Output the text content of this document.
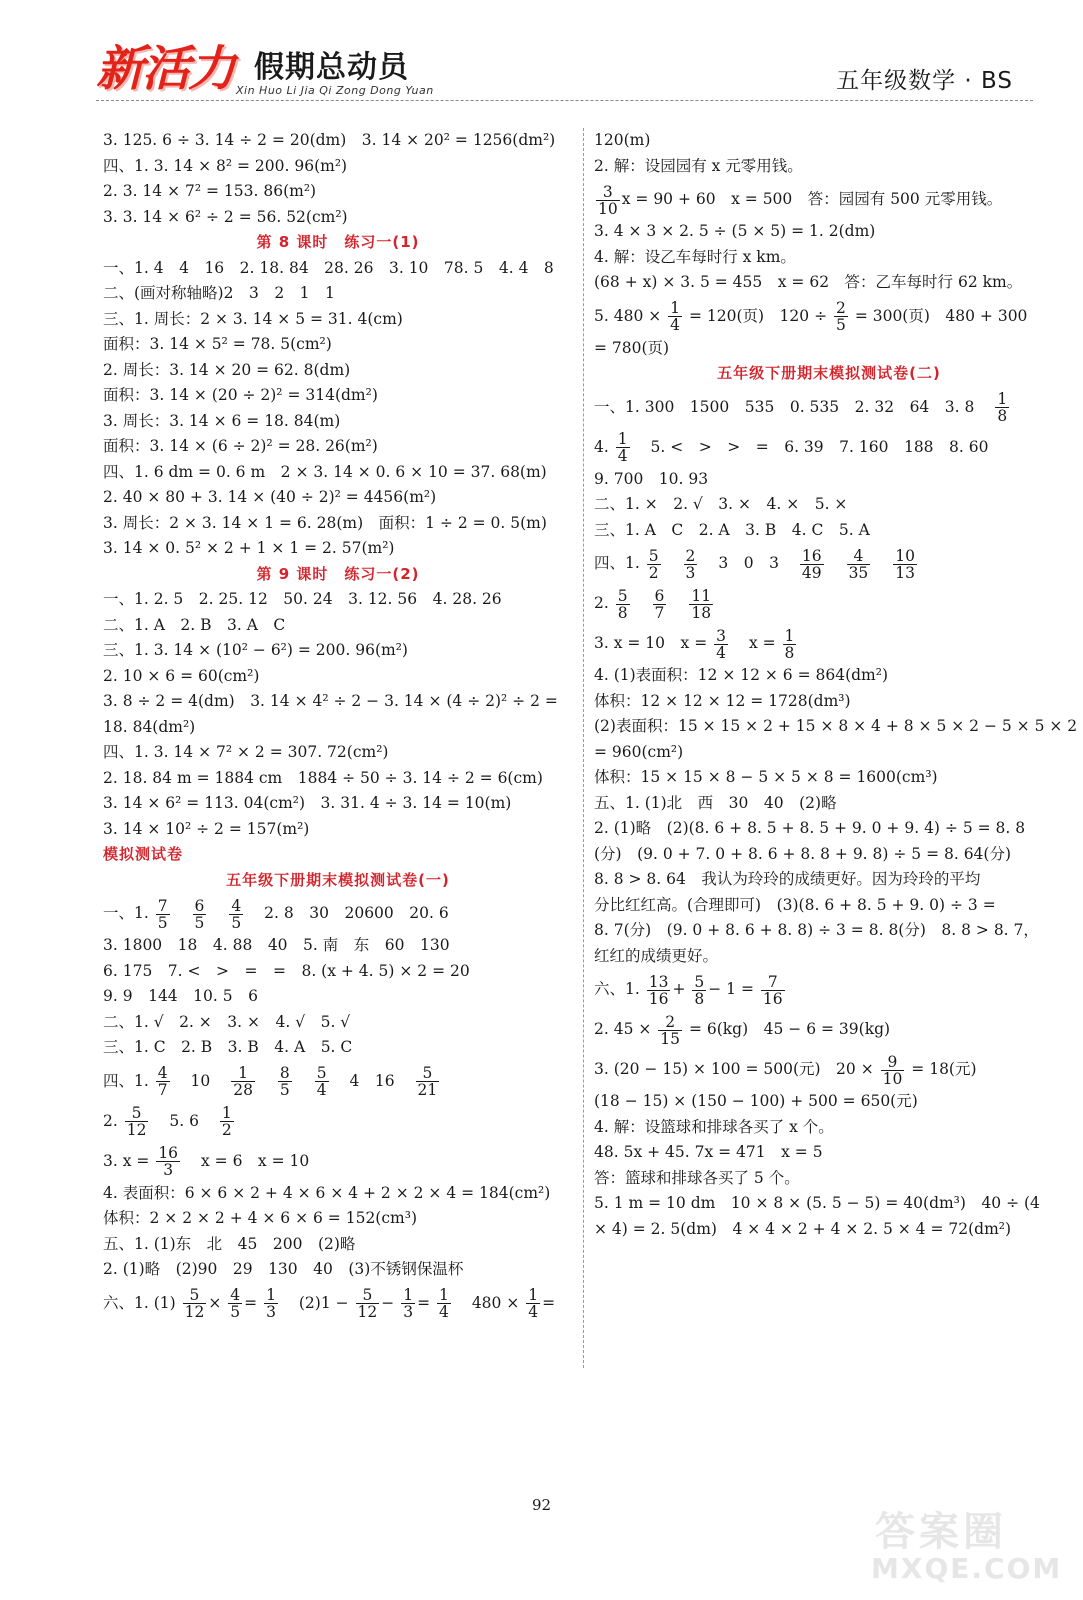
新活力 假期总动员
Xin Huo Li Jia Qi Zong Dong Yuan	五年级数学 · BS
3. 125. 6 ÷ 3. 14 ÷ 2 = 20(dm)　3. 14 × 20² = 1256(dm²)
四、1. 3. 14 × 8² = 200. 96(m²)
2. 3. 14 × 7² = 153. 86(m²)
3. 3. 14 × 6² ÷ 2 = 56. 52(cm²)
第 8 课时　练习一(1)
一、1. 4　4　16　2. 18. 84　28. 26　3. 10　78. 5　4. 4　8
二、(画对称轴略)2　3　2　1　1
三、1. 周长：2 × 3. 14 × 5 = 31. 4(cm)
面积：3. 14 × 5² = 78. 5(cm²)
2. 周长：3. 14 × 20 = 62. 8(dm)
面积：3. 14 × (20 ÷ 2)² = 314(dm²)
3. 周长：3. 14 × 6 = 18. 84(m)
面积：3. 14 × (6 ÷ 2)² = 28. 26(m²)
四、1. 6 dm = 0. 6 m　2 × 3. 14 × 0. 6 × 10 = 37. 68(m)
2. 40 × 80 + 3. 14 × (40 ÷ 2)² = 4456(m²)
3. 周长：2 × 3. 14 × 1 = 6. 28(m)　面积：1 ÷ 2 = 0. 5(m)
3. 14 × 0. 5² × 2 + 1 × 1 = 2. 57(m²)
第 9 课时　练习一(2)
一、1. 2. 5　2. 25. 12　50. 24　3. 12. 56　4. 28. 26
二、1. A　2. B　3. A　C
三、1. 3. 14 × (10² − 6²) = 200. 96(m²)
2. 10 × 6 = 60(cm²)
3. 8 ÷ 2 = 4(dm)　3. 14 × 4² ÷ 2 − 3. 14 × (4 ÷ 2)² ÷ 2 =
18. 84(dm²)
四、1. 3. 14 × 7² × 2 = 307. 72(cm²)
2. 18. 84 m = 1884 cm　1884 ÷ 50 ÷ 3. 14 ÷ 2 = 6(cm)
3. 14 × 6² = 113. 04(cm²)　3. 31. 4 ÷ 3. 14 = 10(m)
3. 14 × 10² ÷ 2 = 157(m²)
模拟测试卷
五年级下册期末模拟测试卷(一)
一、1. $\frac{7}{5}$
$\frac{6}{5}$
$\frac{4}{5} 2$. 8　30　20600　20. 6
3. 1800　18　4. 88　40　5. 南　东　60　130
6. 175　7. <　>　=　=　8. (x + 4. 5) × 2 = 20
9. 9　144　10. 5　6
二、1. √　2. ×　3. ×　4. √　5. √
三、1. C　2. B　3. B　4. A　5. C
四、1. $\frac{4}{7} 10 \frac{1}{28}$
$\frac{8}{5}$
$\frac{5}{4} 4$　$16 \frac{5}{21}$
2. $\frac{5}{12} 5$. $6 \frac{1}{2}$
3. $x = \frac{16}{3}$ x = 6　x = 10
4. 表面积：6 × 6 × 2 + 4 × 6 × 4 + 2 × 2 × 4 = 184(cm²)
体积：2 × 2 × 2 + 4 × 6 × 6 = 152(cm³)
五、1. (1)东　北　45　200　(2)略
2. (1)略　(2)90　29　130　40　(3)不锈钢保温杯
六、1. $(1) \frac{5}{12} \times \frac{4}{5} = \frac{1}{3} (2)1 - \frac{5}{12} - \frac{1}{3} = \frac{1}{4} 480 \times \frac{1}{4}$ =
120(m)
2. 解：设园园有 x 元零用钱。
$\frac{3}{10}$ x = 90 + 60　x = 500　答：园园有 500 元零用钱。
3. 4 × 3 × 2. 5 ÷ (5 × 5) = 1. 2(dm)
4. 解：设乙车每时行 x km。
(68 + x) × 3. 5 = 455　x = 62　答：乙车每时行 62 km。
5. $480 \times \frac{1}{4} = 120$(页)　$120 \div \frac{2}{5} = 300$(页)　480 + 300
= 780(页)
五年级下册期末模拟测试卷(二)
一、1. 300　1500　535　0. 535　2. 32　64　3. $8 \frac{1}{8}$
4. $\frac{1}{4} 5$. <　>　>　=　6. 39　7. 160　188　8. 60
9. 700　10. 93
二、1. ×　2. √　3. ×　4. ×　5. ×
三、1. A　C　2. A　3. B　4. C　5. A
四、1. $\frac{5}{2}$
$\frac{2}{3} 3$　0　$3 \frac{16}{49}$
$\frac{4}{35}$
$\frac{10}{13}$
2. $\frac{5}{8}$
$\frac{6}{7}$
$\frac{11}{18}$
3. x = 10　$x = \frac{3}{4}$ $x = \frac{1}{8}$
4. (1)表面积：12 × 12 × 6 = 864(dm²)
体积：12 × 12 × 12 = 1728(dm³)
(2)表面积：15 × 15 × 2 + 15 × 8 × 4 + 8 × 5 × 2 − 5 × 5 × 2
= 960(cm²)
体积：15 × 15 × 8 − 5 × 5 × 8 = 1600(cm³)
五、1. (1)北　西　30　40　(2)略
2. (1)略　(2)(8. 6 + 8. 5 + 8. 5 + 9. 0 + 9. 4) ÷ 5 = 8. 8
(分)　(9. 0 + 7. 0 + 8. 6 + 8. 8 + 9. 8) ÷ 5 = 8. 64(分)
8. 8 > 8. 64　我认为玲玲的成绩更好。因为玲玲的平均
分比红红高。(合理即可)　(3)(8. 6 + 8. 5 + 9. 0) ÷ 3 =
8. 7(分)　(9. 0 + 8. 6 + 8. 8) ÷ 3 = 8. 8(分)　8. 8 > 8. 7，
红红的成绩更好。
六、1. $\frac{13}{16} + \frac{5}{8} - 1 = \frac{7}{16}$
2. $45 \times \frac{2}{15} = 6(kg)$　45 − 6 = 39(kg)
3. (20 − 15) × 100 = 500(元)　$20 \times \frac{9}{10} = 18$(元)
(18 − 15) × (150 − 100) + 500 = 650(元)
4. 解：设篮球和排球各买了 x 个。
48. 5x + 45. 7x = 471　x = 5
答：篮球和排球各买了 5 个。
5. 1 m = 10 dm　10 × 8 × (5. 5 − 5) = 40(dm³)　40 ÷ (4
× 4) = 2. 5(dm)　4 × 4 × 2 + 4 × 2. 5 × 4 = 72(dm²)
92
答案圈
MXQE.COM
